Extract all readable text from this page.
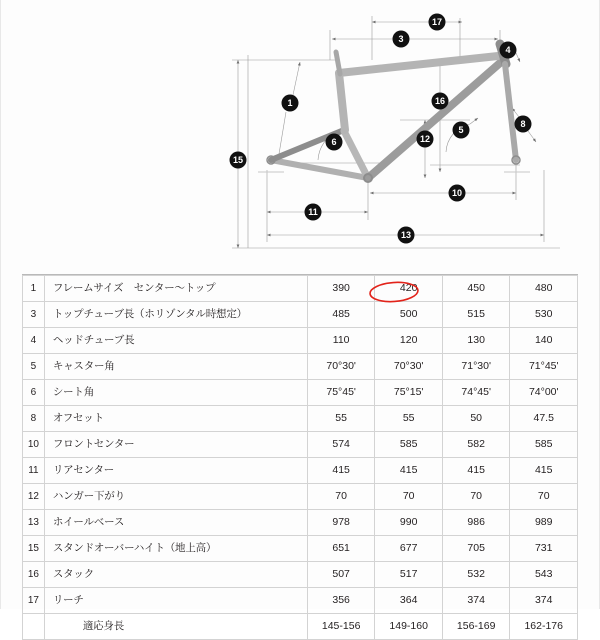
1
3
4
5
6
8
10
11
12
13
15
16
17
1	フレームサイズ　センター〜トップ	390	420	450	480
3	トップチューブ長（ホリゾンタル時想定）	485	500	515	530
4	ヘッドチューブ長	110	120	130	140
5	キャスター角	70°30'	70°30'	71°30'	71°45'
6	シート角	75°45'	75°15'	74°45'	74°00'
8	オフセット	55	55	50	47.5
10	フロントセンター	574	585	582	585
11	リアセンター	415	415	415	415
12	ハンガー下がり	70	70	70	70
13	ホイールベース	978	990	986	989
15	スタンドオーバーハイト（地上高）	651	677	705	731
16	スタック	507	517	532	543
17	リーチ	356	364	374	374
	適応身長	145-156	149-160	156-169	162-176
